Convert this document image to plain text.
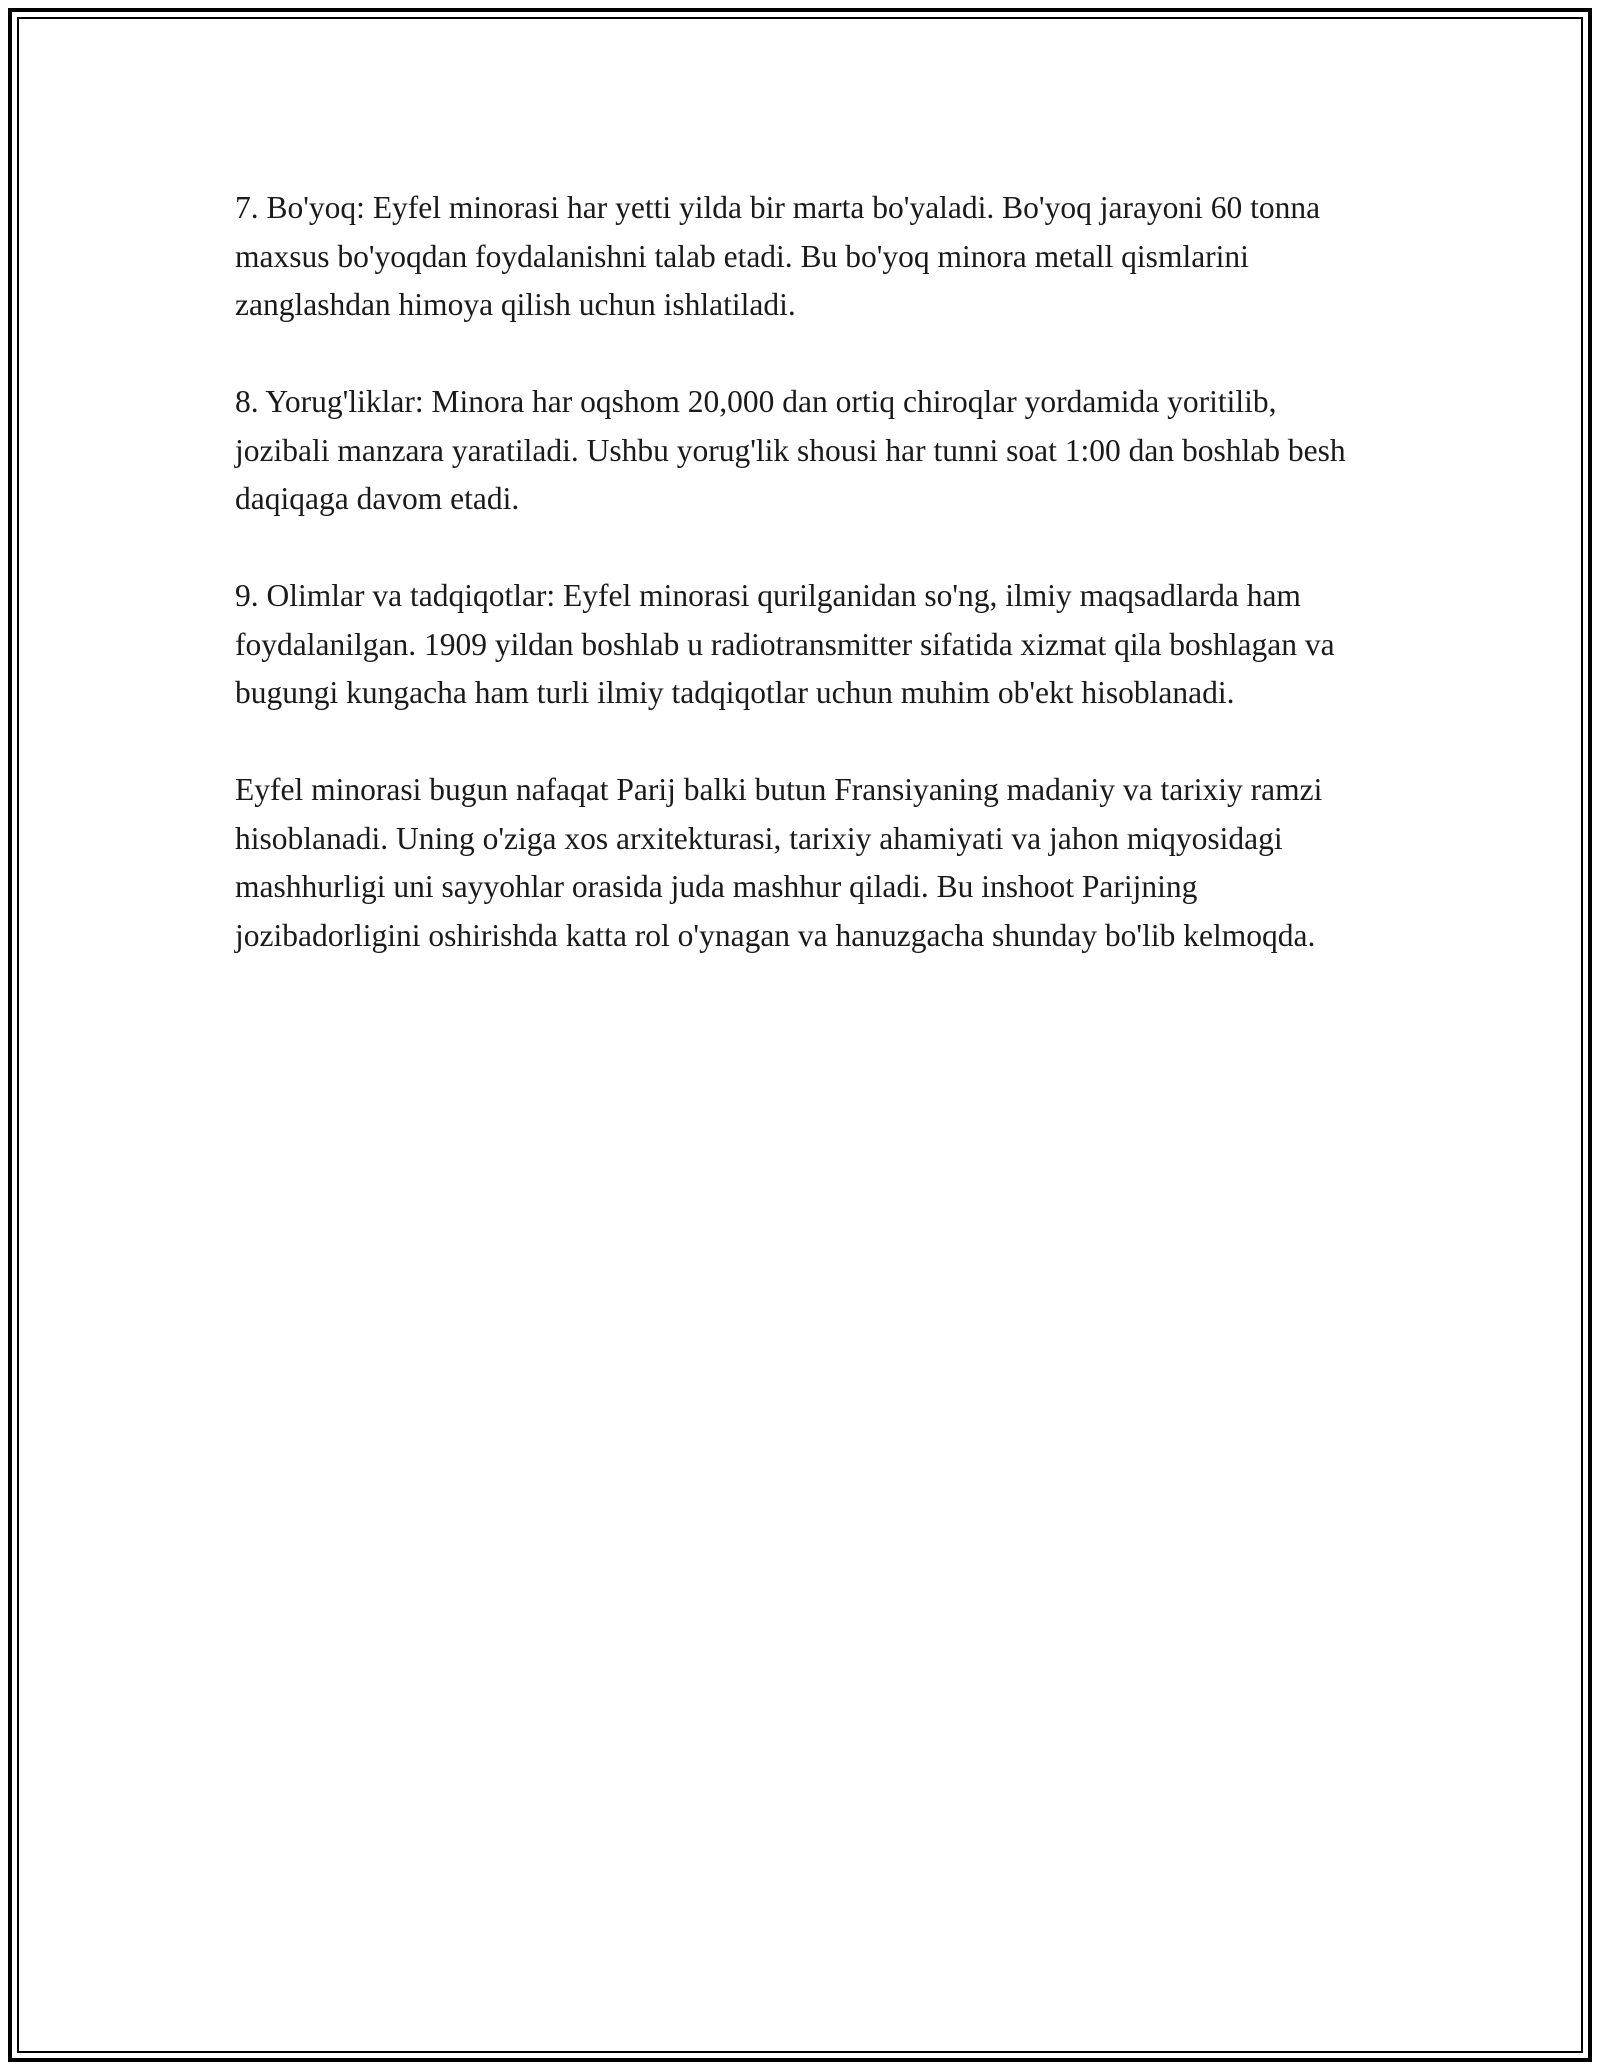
7. Bo'yoq: Eyfel minorasi har yetti yilda bir marta bo'yaladi. Bo'yoq jarayoni 60 tonna maxsus bo'yoqdan foydalanishni talab etadi. Bu bo'yoq minora metall qismlarini zanglashdan himoya qilish uchun ishlatiladi.

8. Yorug'liklar: Minora har oqshom 20,000 dan ortiq chiroqlar yordamida yoritilib, jozibali manzara yaratiladi. Ushbu yorug'lik shousi har tunni soat 1:00 dan boshlab besh daqiqaga davom etadi.

9. Olimlar va tadqiqotlar: Eyfel minorasi qurilganidan so'ng, ilmiy maqsadlarda ham foydalanilgan. 1909 yildan boshlab u radiotransmitter sifatida xizmat qila boshlagan va bugungi kungacha ham turli ilmiy tadqiqotlar uchun muhim ob'ekt hisoblanadi.

Eyfel minorasi bugun nafaqat Parij balki butun Fransiyaning madaniy va tarixiy ramzi hisoblanadi. Uning o'ziga xos arxitekturasi, tarixiy ahamiyati va jahon miqyosidagi mashhurligi uni sayyohlar orasida juda mashhur qiladi. Bu inshoot Parijning jozibadorligini oshirishda katta rol o'ynagan va hanuzgacha shunday bo'lib kelmoqda.
